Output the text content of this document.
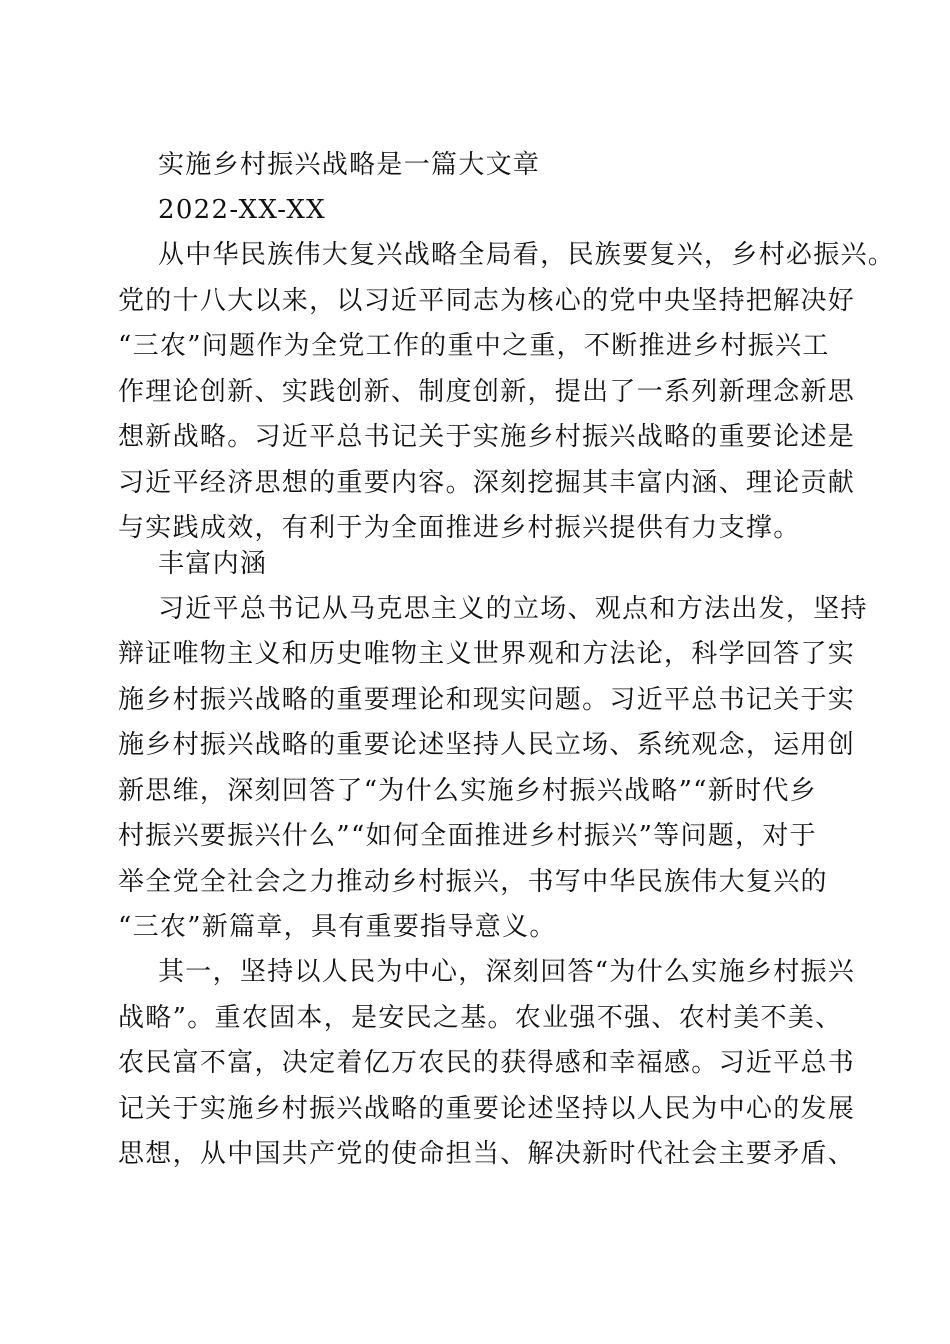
实施乡村振兴战略是一篇大文章
2022-XX-XX
从中华民族伟大复兴战略全局看，民族要复兴，乡村必振兴。
党的十八大以来，以习近平同志为核心的党中央坚持把解决好
“三农”问题作为全党工作的重中之重，不断推进乡村振兴工
作理论创新、实践创新、制度创新，提出了一系列新理念新思
想新战略。习近平总书记关于实施乡村振兴战略的重要论述是
习近平经济思想的重要内容。深刻挖掘其丰富内涵、理论贡献
与实践成效，有利于为全面推进乡村振兴提供有力支撑。
丰富内涵
习近平总书记从马克思主义的立场、观点和方法出发，坚持
辩证唯物主义和历史唯物主义世界观和方法论，科学回答了实
施乡村振兴战略的重要理论和现实问题。习近平总书记关于实
施乡村振兴战略的重要论述坚持人民立场、系统观念，运用创
新思维，深刻回答了“为什么实施乡村振兴战略”“新时代乡
村振兴要振兴什么”“如何全面推进乡村振兴”等问题，对于
举全党全社会之力推动乡村振兴，书写中华民族伟大复兴的
“三农”新篇章，具有重要指导意义。
其一，坚持以人民为中心，深刻回答“为什么实施乡村振兴
战略”。重农固本，是安民之基。农业强不强、农村美不美、
农民富不富，决定着亿万农民的获得感和幸福感。习近平总书
记关于实施乡村振兴战略的重要论述坚持以人民为中心的发展
思想，从中国共产党的使命担当、解决新时代社会主要矛盾、
